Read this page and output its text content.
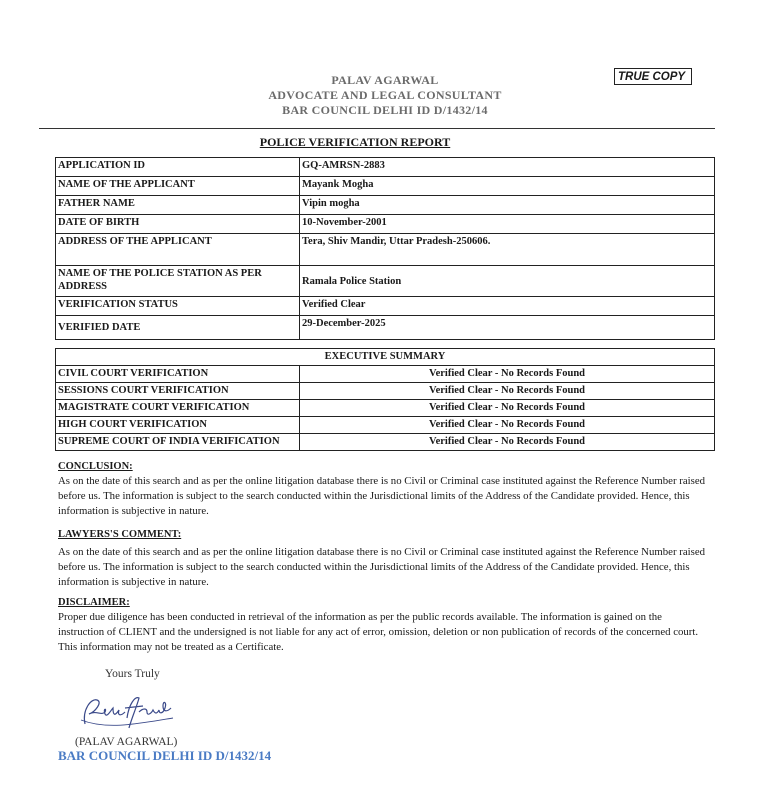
TRUE COPY
PALAV AGARWAL
ADVOCATE AND LEGAL CONSULTANT
BAR COUNCIL DELHI ID D/1432/14
POLICE VERIFICATION REPORT
APPLICATION ID	GQ-AMRSN-2883
NAME OF THE APPLICANT	Mayank Mogha
FATHER NAME	Vipin mogha
DATE OF BIRTH	10-November-2001
ADDRESS OF THE APPLICANT	Tera, Shiv Mandir, Uttar Pradesh-250606.
NAME OF THE POLICE STATION AS PER ADDRESS	Ramala Police Station
VERIFICATION STATUS	Verified Clear
VERIFIED DATE	29-December-2025
EXECUTIVE SUMMARY	
CIVIL COURT VERIFICATION	Verified Clear - No Records Found
SESSIONS COURT VERIFICATION	Verified Clear - No Records Found
MAGISTRATE COURT VERIFICATION	Verified Clear - No Records Found
HIGH COURT VERIFICATION	Verified Clear - No Records Found
SUPREME COURT OF INDIA VERIFICATION	Verified Clear - No Records Found
CONCLUSION:
As on the date of this search and as per the online litigation database there is no Civil or Criminal case instituted against the Reference Number raised before us. The information is subject to the search conducted within the Jurisdictional limits of the Address of the Candidate provided. Hence, this information is subjective in nature.
LAWYERS'S COMMENT:
As on the date of this search and as per the online litigation database there is no Civil or Criminal case instituted against the Reference Number raised before us. The information is subject to the search conducted within the Jurisdictional limits of the Address of the Candidate provided. Hence, this information is subjective in nature.
DISCLAIMER:
Proper due diligence has been conducted in retrieval of the information as per the public records available. The information is gained on the instruction of CLIENT and the undersigned is not liable for any act of error, omission, deletion or non publication of records of the concerned court. This information may not be treated as a Certificate.
Yours Truly
(PALAV AGARWAL)
BAR COUNCIL DELHI ID D/1432/14
